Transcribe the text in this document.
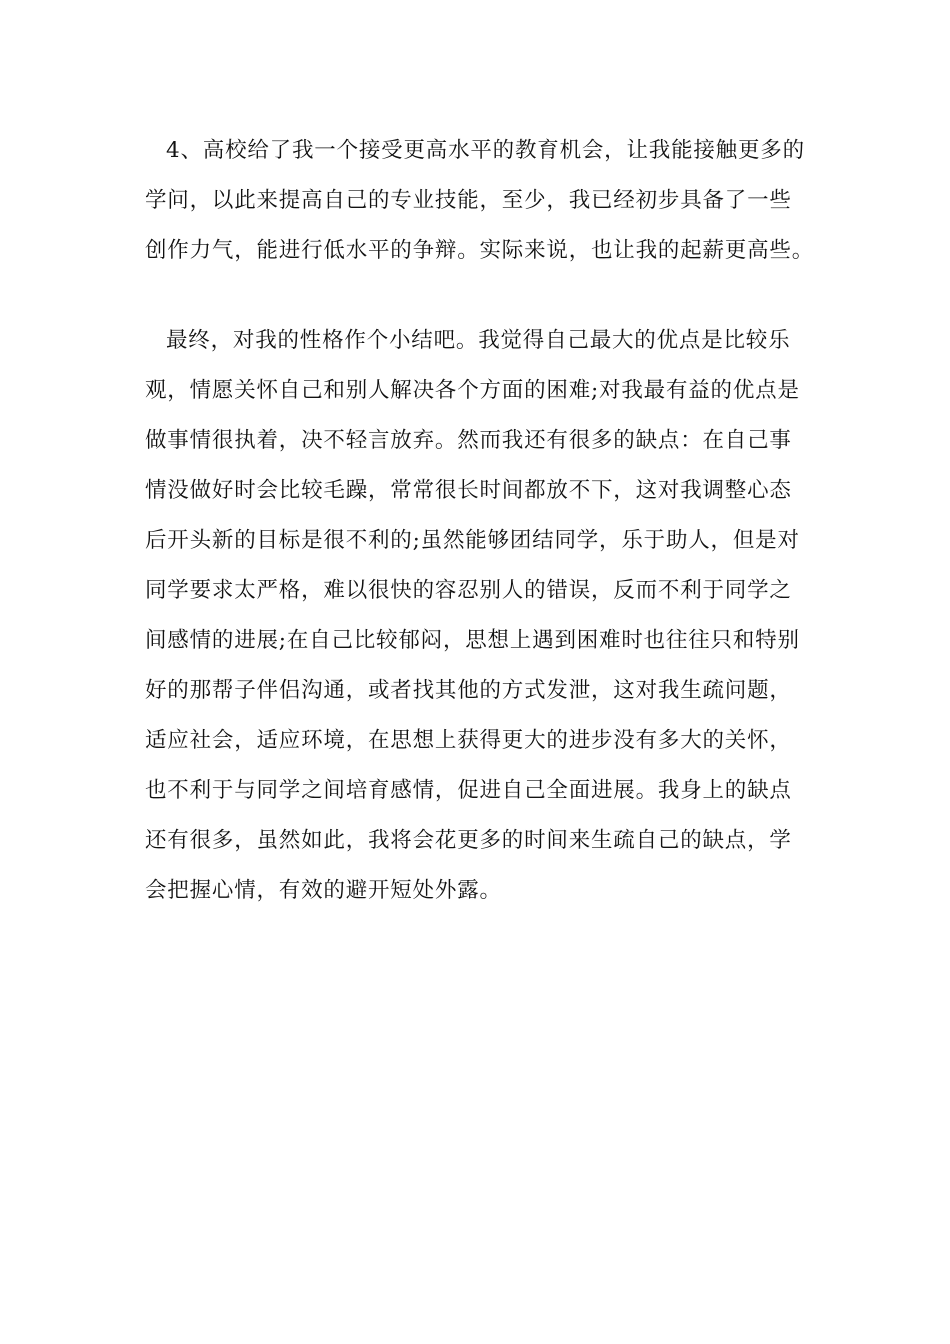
4、高校给了我一个接受更高水平的教育机会，让我能接触更多的
学问，以此来提高自己的专业技能，至少，我已经初步具备了一些
创作力气，能进行低水平的争辩。实际来说，也让我的起薪更高些。
最终，对我的性格作个小结吧。我觉得自己最大的优点是比较乐
观，情愿关怀自己和别人解决各个方面的困难;对我最有益的优点是
做事情很执着，决不轻言放弃。然而我还有很多的缺点：在自己事
情没做好时会比较毛躁，常常很长时间都放不下，这对我调整心态
后开头新的目标是很不利的;虽然能够团结同学，乐于助人，但是对
同学要求太严格，难以很快的容忍别人的错误，反而不利于同学之
间感情的进展;在自己比较郁闷，思想上遇到困难时也往往只和特别
好的那帮子伴侣沟通，或者找其他的方式发泄，这对我生疏问题，
适应社会，适应环境，在思想上获得更大的进步没有多大的关怀，
也不利于与同学之间培育感情，促进自己全面进展。我身上的缺点
还有很多，虽然如此，我将会花更多的时间来生疏自己的缺点，学
会把握心情，有效的避开短处外露。
